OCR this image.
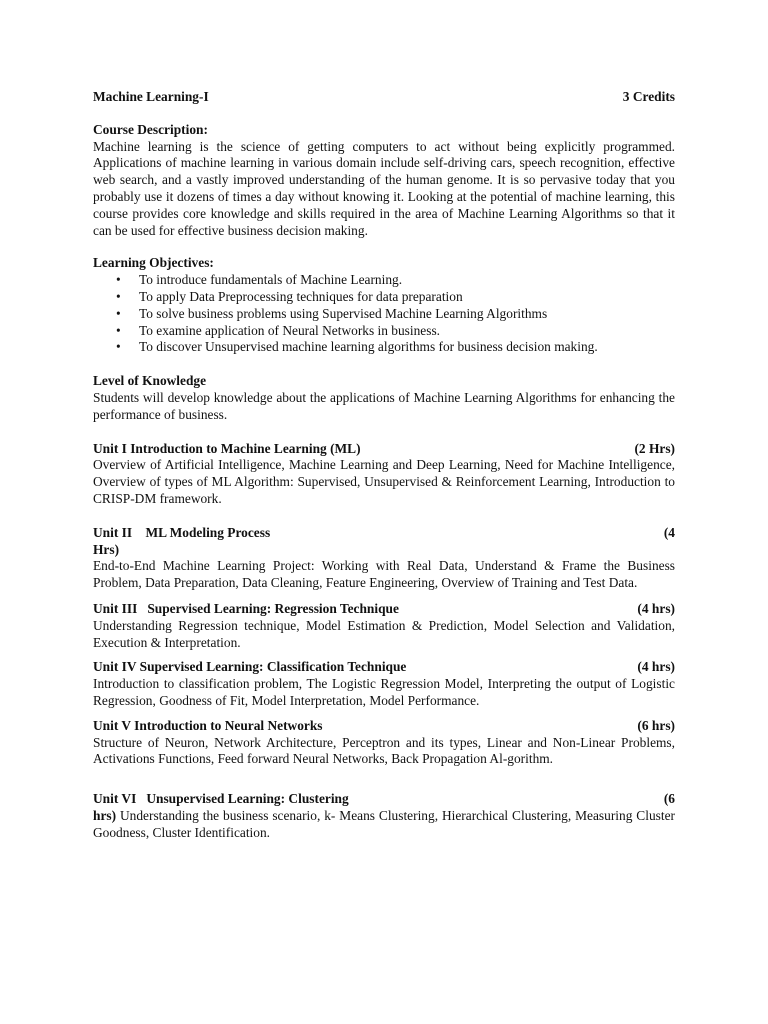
Machine Learning-I	3 Credits
Course Description:

Machine learning is the science of getting computers to act without being explicitly programmed. Applications of machine learning in various domain include self-driving cars, speech recognition, effective web search, and a vastly improved understanding of the human genome. It is so pervasive today that you probably use it dozens of times a day without knowing it. Looking at the potential of machine learning, this course provides core knowledge and skills required in the area of Machine Learning Algorithms so that it can be used for effective business decision making.

Learning Objectives:
• To introduce fundamentals of Machine Learning.
• To apply Data Preprocessing techniques for data preparation
• To solve business problems using Supervised Machine Learning Algorithms
• To examine application of Neural Networks in business.
• To discover Unsupervised machine learning algorithms for business decision making.
Level of Knowledge

Students will develop knowledge about the applications of Machine Learning Algorithms for enhancing the performance of business.

Unit I Introduction to Machine Learning (ML)	(2 Hrs)

Overview of Artificial Intelligence, Machine Learning and Deep Learning, Need for Machine Intelligence, Overview of types of ML Algorithm: Supervised, Unsupervised & Reinforcement Learning, Introduction to CRISP-DM framework.

Unit II    ML Modeling Process	(4
Hrs)

End-to-End Machine Learning Project: Working with Real Data, Understand & Frame the Business Problem, Data Preparation, Data Cleaning, Feature Engineering, Overview of Training and Test Data.

Unit III   Supervised Learning: Regression Technique	(4 hrs)

Understanding Regression technique, Model Estimation & Prediction, Model Selection and Validation, Execution & Interpretation.

Unit IV Supervised Learning: Classification Technique	(4 hrs)

Introduction to classification problem, The Logistic Regression Model, Interpreting the output of Logistic Regression, Goodness of Fit, Model Interpretation, Model Performance.

Unit V Introduction to Neural Networks	(6 hrs)

Structure of Neuron, Network Architecture, Perceptron and its types, Linear and Non-Linear Problems, Activations Functions, Feed forward Neural Networks, Back Propagation Al-gorithm.

Unit VI   Unsupervised Learning: Clustering	(6

hrs) Understanding the business scenario, k- Means Clustering, Hierarchical Clustering, Measuring Cluster Goodness, Cluster Identification.
